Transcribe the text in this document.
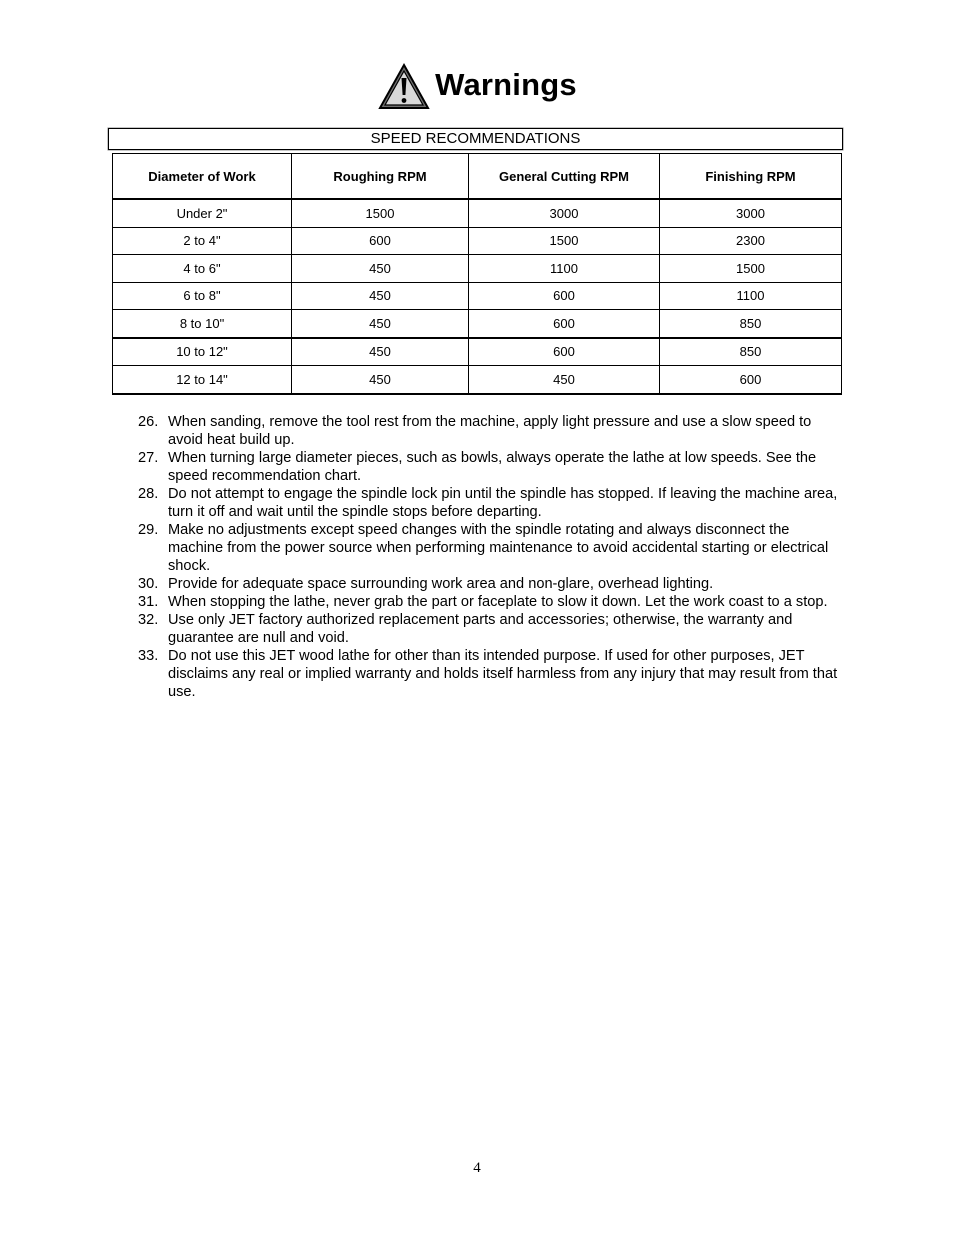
Warnings
SPEED RECOMMENDATIONS
Diameter of Work	Roughing RPM	General Cutting RPM	Finishing RPM
Under 2"	1500	3000	3000
2 to 4"	600	1500	2300
4 to 6"	450	1100	1500
6 to 8"	450	600	1100
8 to 10"	450	600	850
10 to 12"	450	600	850
12 to 14"	450	450	600
26. When sanding, remove the tool rest from the machine, apply light pressure and use a slow speed to avoid heat build up.
27. When turning large diameter pieces, such as bowls, always operate the lathe at low speeds. See the speed recommendation chart.
28. Do not attempt to engage the spindle lock pin until the spindle has stopped. If leaving the machine area, turn it off and wait until the spindle stops before departing.
29. Make no adjustments except speed changes with the spindle rotating and always disconnect the machine from the power source when performing maintenance to avoid accidental starting or electrical shock.
30. Provide for adequate space surrounding work area and non-glare, overhead lighting.
31. When stopping the lathe, never grab the part or faceplate to slow it down. Let the work coast to a stop.
32. Use only JET factory authorized replacement parts and accessories; otherwise, the warranty and guarantee are null and void.
33. Do not use this JET wood lathe for other than its intended purpose. If used for other purposes, JET disclaims any real or implied warranty and holds itself harmless from any injury that may result from that use.
4
